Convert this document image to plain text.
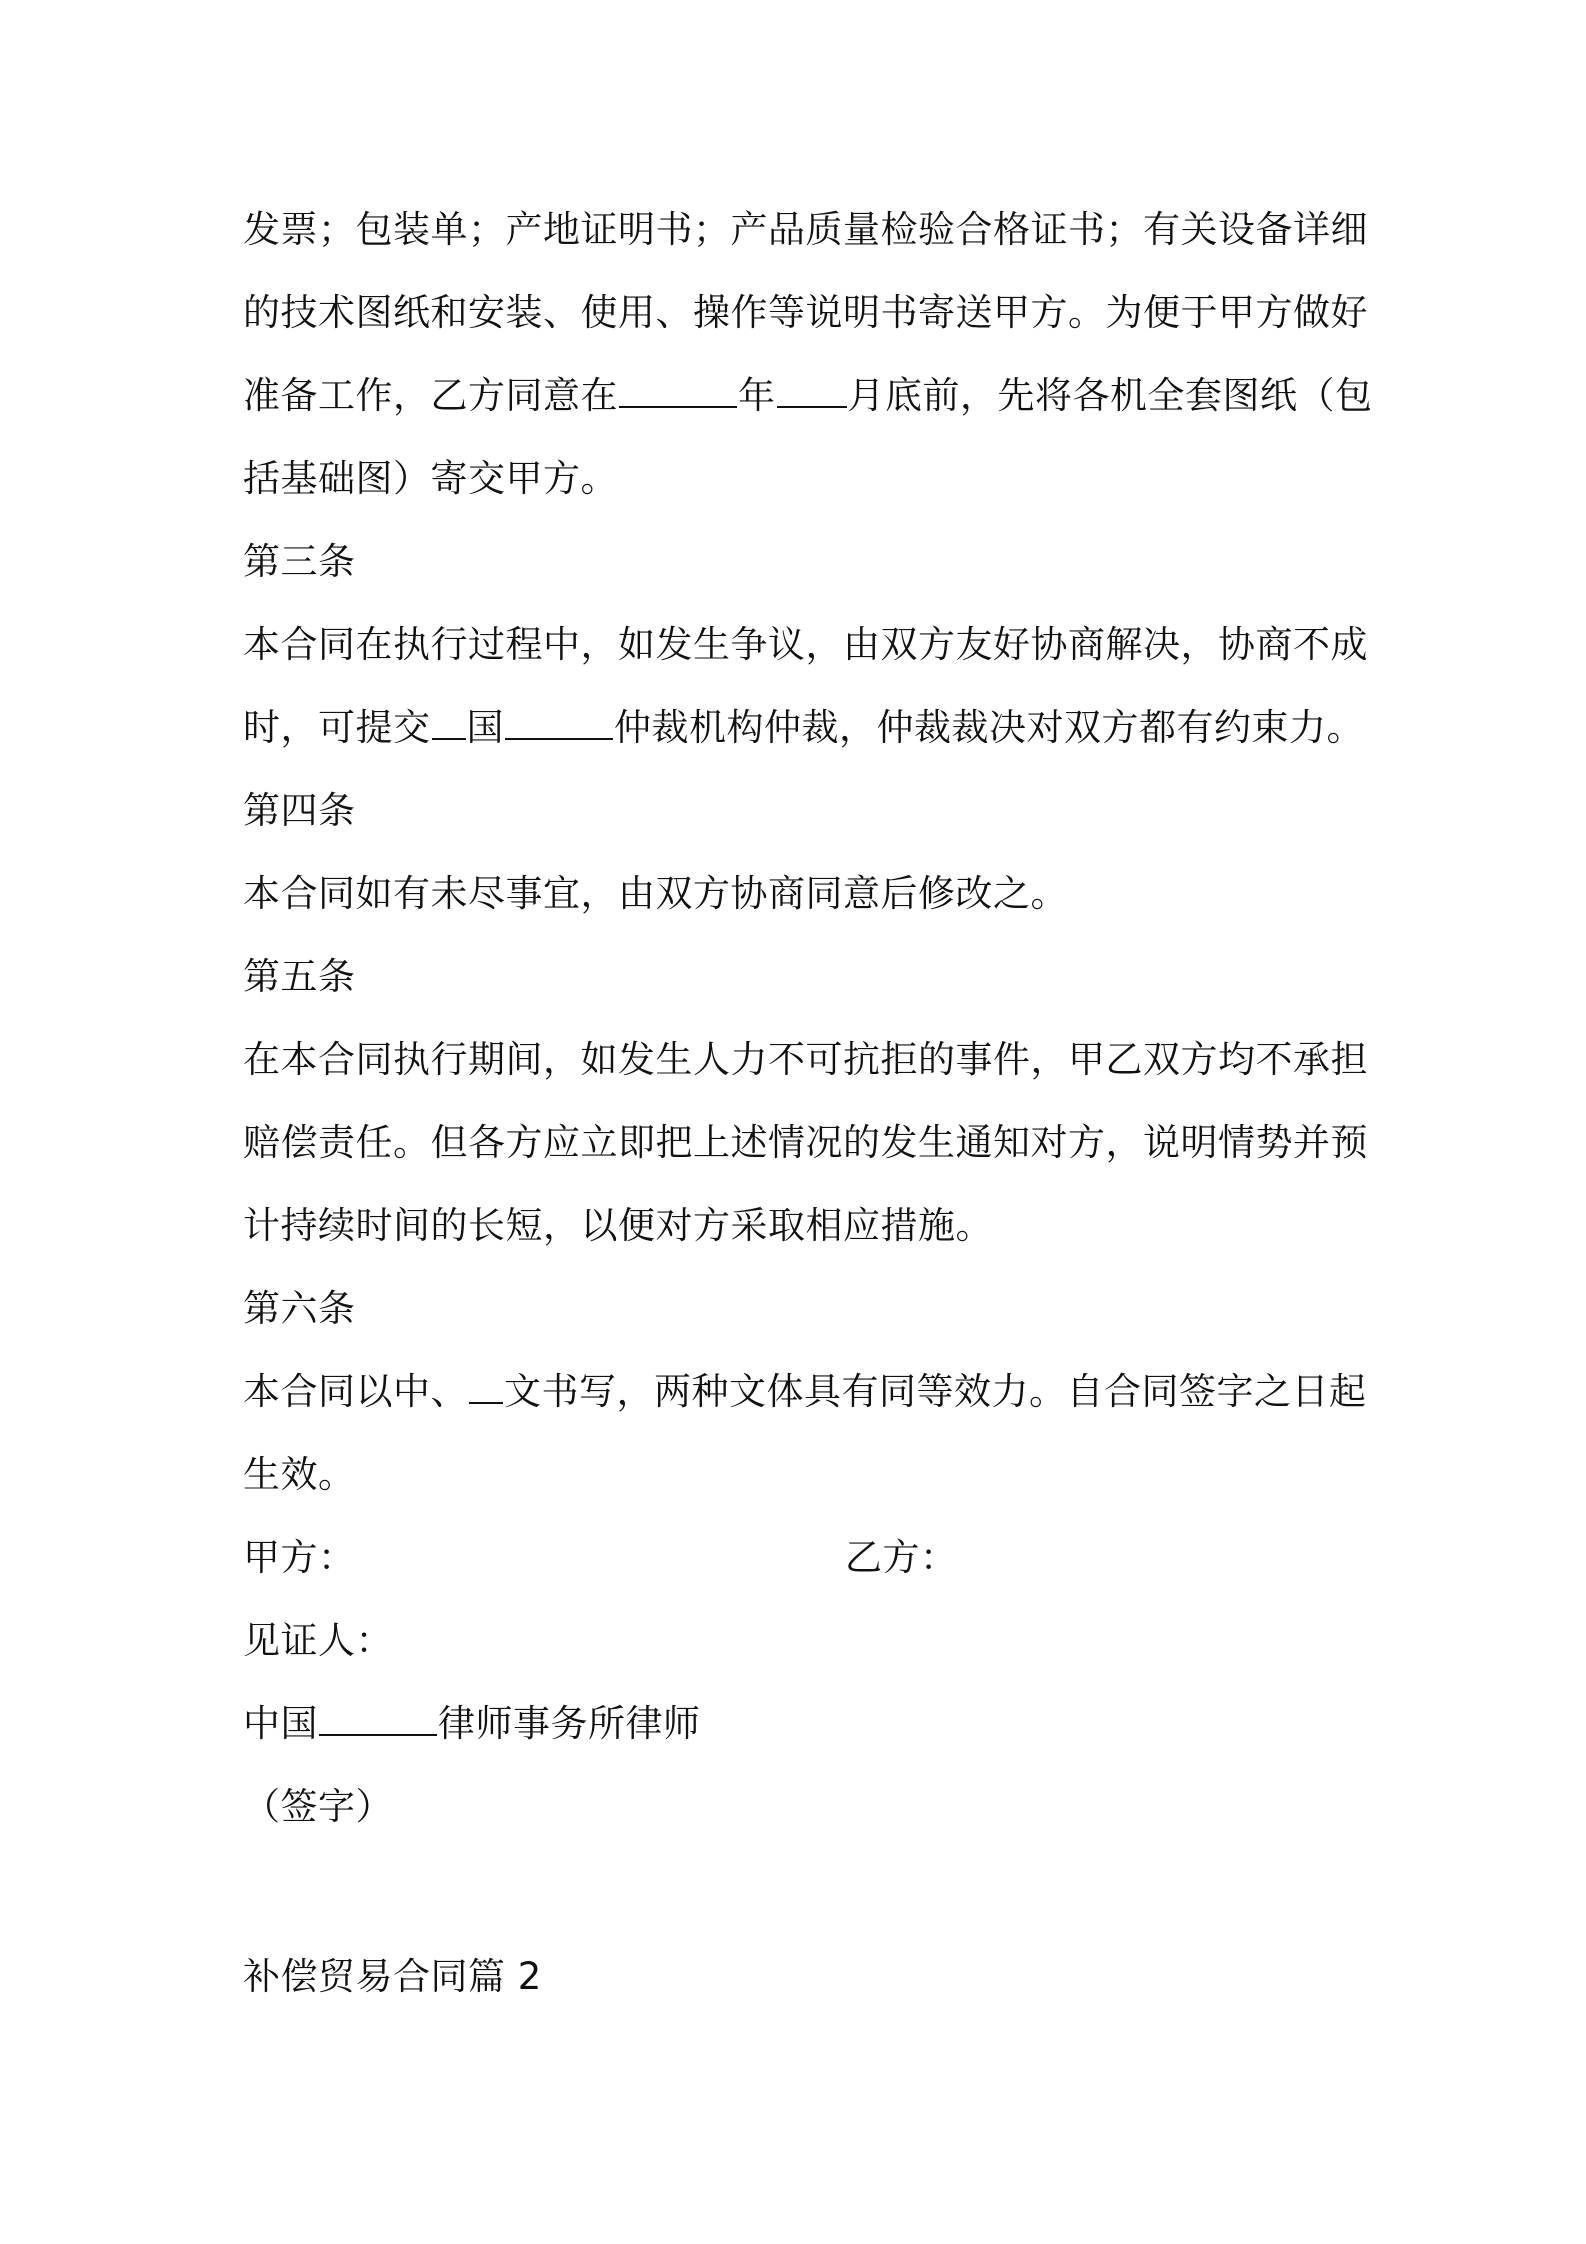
发票；包装单；产地证明书；产品质量检验合格证书；有关设备详细
的技术图纸和安装、使用、操作等说明书寄送甲方。为便于甲方做好
准备工作，乙方同意在	年 月底前，先将各机全套图纸（包
括基础图）寄交甲方。
第三条
本合同在执行过程中，如发生争议，由双方友好协商解决，协商不成
时，可提交 国	仲裁机构仲裁，仲裁裁决对双方都有约束力。
第四条
本合同如有未尽事宜，由双方协商同意后修改之。
第五条
在本合同执行期间，如发生人力不可抗拒的事件，甲乙双方均不承担
赔偿责任。但各方应立即把上述情况的发生通知对方，说明情势并预
计持续时间的长短，以便对方采取相应措施。
第六条
本合同以中、 文书写，两种文体具有同等效力。自合同签字之日起
生效。
甲方：	乙方：
见证人：
中国	律师事务所律师
（签字）
补偿贸易合同篇 2
